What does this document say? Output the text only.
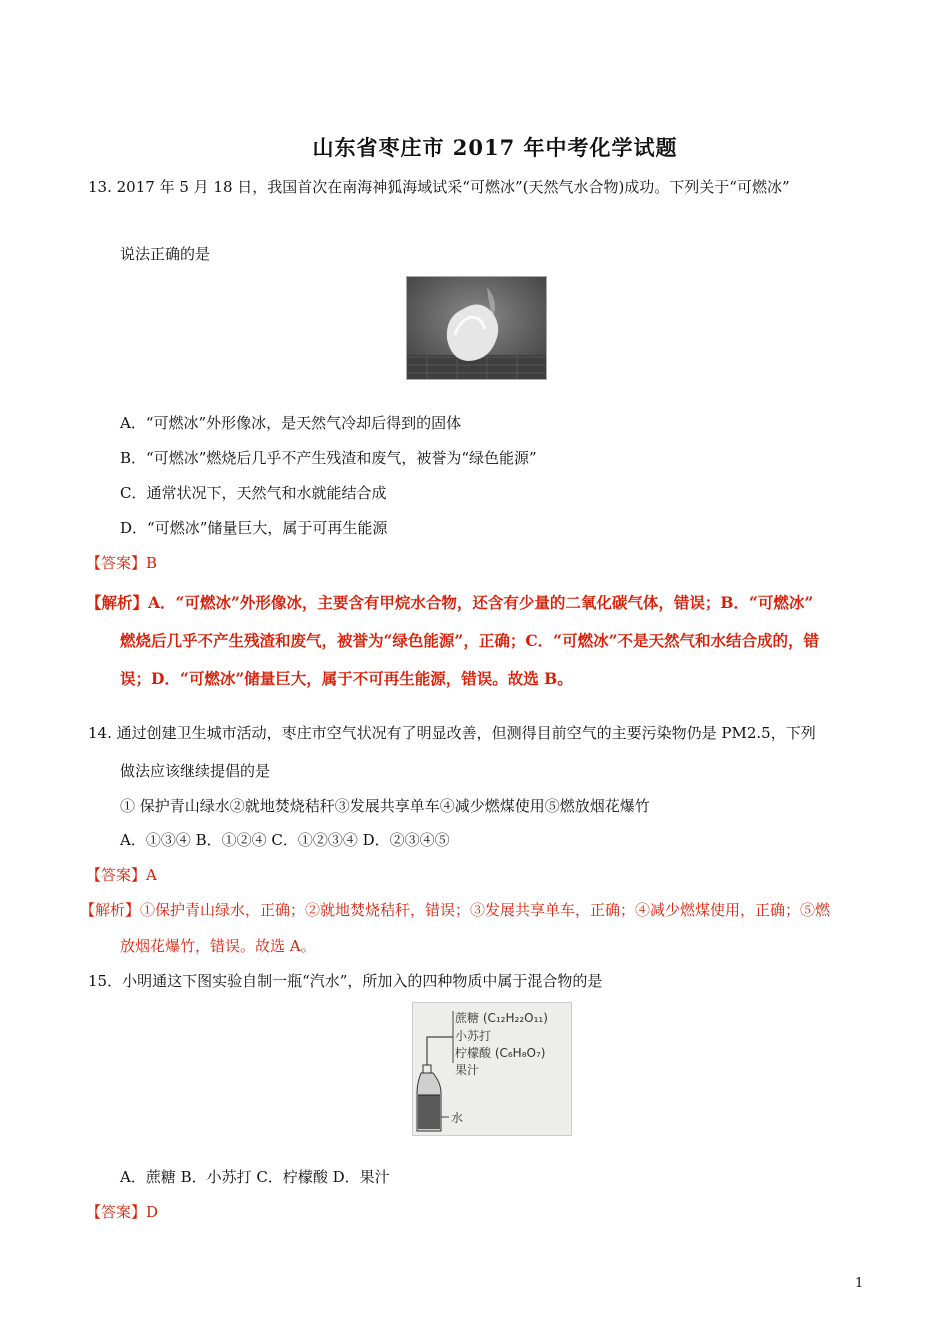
山东省枣庄市 2017 年中考化学试题
13. 2017 年 5 月 18 日，我国首次在南海神狐海域试采“可燃冰”(天然气水合物)成功。下列关于“可燃冰”
说法正确的是
A．“可燃冰”外形像冰，是天然气冷却后得到的固体
B．“可燃冰”燃烧后几乎不产生残渣和废气，被誉为“绿色能源”
C．通常状况下，天然气和水就能结合成
D．“可燃冰”储量巨大，属于可再生能源
【答案】B
【解析】A．“可燃冰”外形像冰，主要含有甲烷水合物，还含有少量的二氧化碳气体，错误；B．“可燃冰”
燃烧后几乎不产生残渣和废气，被誉为“绿色能源”，正确；C．“可燃冰”不是天然气和水结合成的，错
误；D．“可燃冰”储量巨大，属于不可再生能源，错误。故选 B。
14. 通过创建卫生城市活动，枣庄市空气状况有了明显改善，但测得目前空气的主要污染物仍是 PM2.5，下列
做法应该继续提倡的是
① 保护青山绿水②就地焚烧秸秆③发展共享单车④减少燃煤使用⑤燃放烟花爆竹
A．①③④ B．①②④ C．①②③④ D．②③④⑤
【答案】A
【解析】①保护青山绿水，正确；②就地焚烧秸秆，错误；③发展共享单车，正确；④减少燃煤使用，正确；⑤燃
放烟花爆竹，错误。故选 A。
15．小明通这下图实验自制一瓶“汽水”，所加入的四种物质中属于混合物的是
蔗糖 (C₁₂H₂₂O₁₁)
小苏打
柠檬酸 (C₆H₈O₇)
果汁
水
A．蔗糖 B．小苏打 C．柠檬酸 D．果汁
【答案】D
1
